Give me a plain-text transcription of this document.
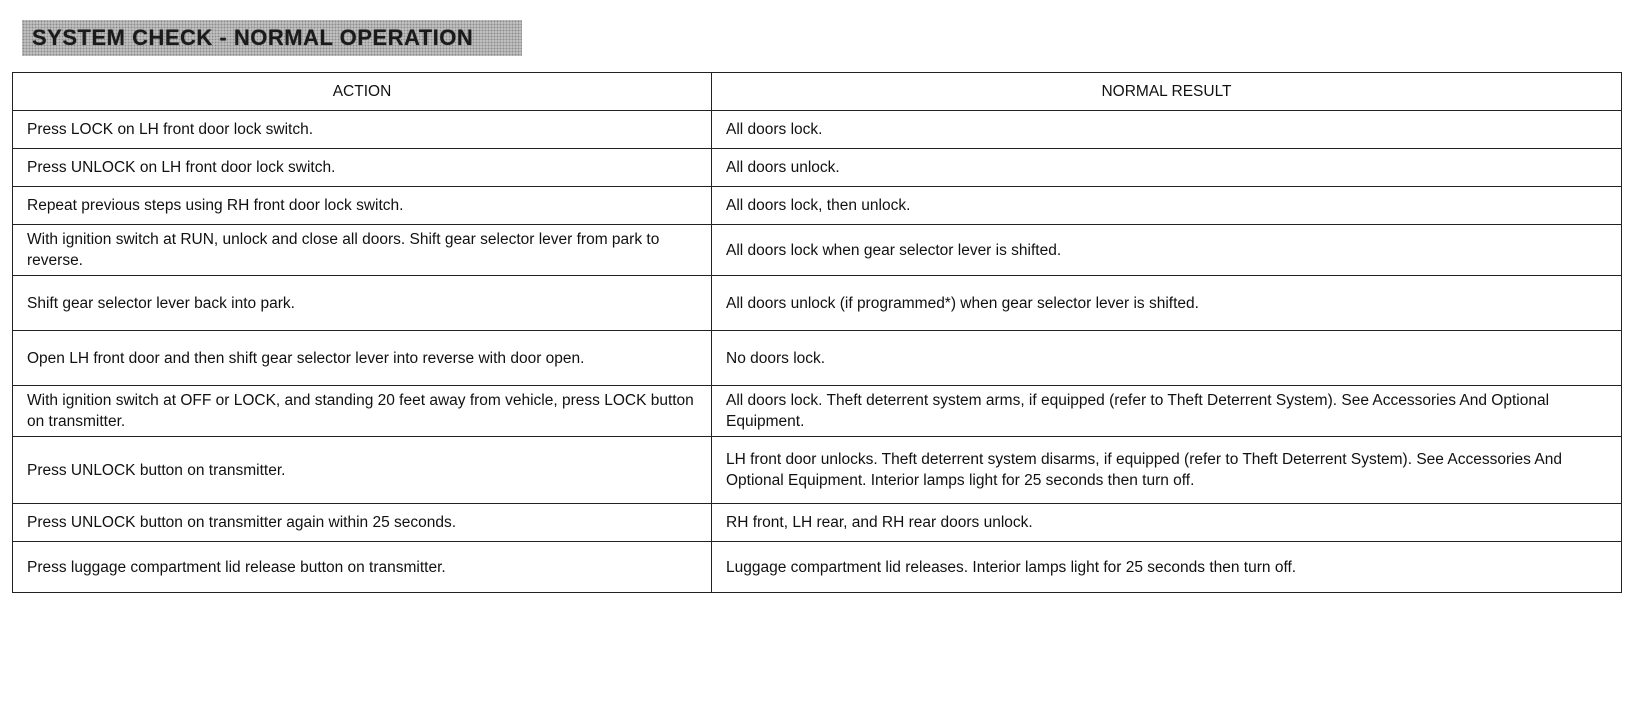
SYSTEM CHECK - NORMAL OPERATION
ACTION	NORMAL RESULT
Press LOCK on LH front door lock switch.	All doors lock.
Press UNLOCK on LH front door lock switch.	All doors unlock.
Repeat previous steps using RH front door lock switch.	All doors lock, then unlock.
With ignition switch at RUN, unlock and close all doors. Shift gear selector lever from park to reverse.	All doors lock when gear selector lever is shifted.
Shift gear selector lever back into park.	All doors unlock (if programmed*) when gear selector lever is shifted.
Open LH front door and then shift gear selector lever into reverse with door open.	No doors lock.
With ignition switch at OFF or LOCK, and standing 20 feet away from vehicle, press LOCK button on transmitter.	All doors lock. Theft deterrent system arms, if equipped (refer to Theft Deterrent System). See Accessories And Optional Equipment.
Press UNLOCK button on transmitter.	LH front door unlocks. Theft deterrent system disarms, if equipped (refer to Theft Deterrent System). See Accessories And Optional Equipment. Interior lamps light for 25 seconds then turn off.
Press UNLOCK button on transmitter again within 25 seconds.	RH front, LH rear, and RH rear doors unlock.
Press luggage compartment lid release button on transmitter.	Luggage compartment lid releases. Interior lamps light for 25 seconds then turn off.
